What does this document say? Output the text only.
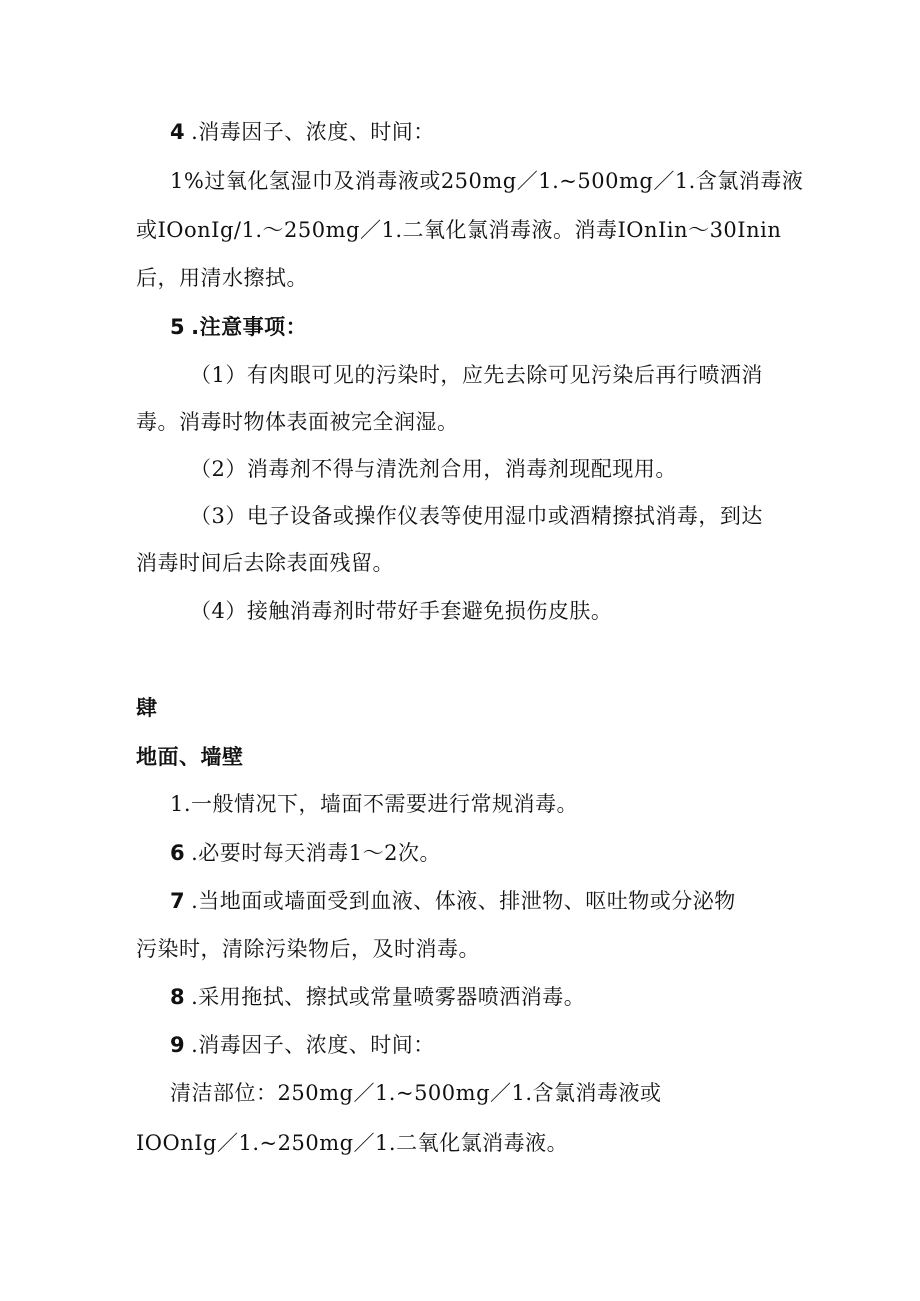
4 .消毒因子、浓度、时间：
1%过氧化氢湿巾及消毒液或250mg／1.~500mg／1.含氯消毒液
或IOonIg/1.～250mg／1.二氧化氯消毒液。消毒IOnIin～30Inin
后，用清水擦拭。
5 .注意事项：
（1）有肉眼可见的污染时，应先去除可见污染后再行喷洒消
毒。消毒时物体表面被完全润湿。
（2）消毒剂不得与清洗剂合用，消毒剂现配现用。
（3）电子设备或操作仪表等使用湿巾或酒精擦拭消毒，到达
消毒时间后去除表面残留。
（4）接触消毒剂时带好手套避免损伤皮肤。
肆
地面、墙壁
1.一般情况下，墙面不需要进行常规消毒。
6 .必要时每天消毒1～2次。
7 .当地面或墙面受到血液、体液、排泄物、呕吐物或分泌物
污染时，清除污染物后，及时消毒。
8 .采用拖拭、擦拭或常量喷雾器喷洒消毒。
9 .消毒因子、浓度、时间：
清洁部位：250mg／1.~500mg／1.含氯消毒液或
IOOnIg／1.~250mg／1.二氧化氯消毒液。
